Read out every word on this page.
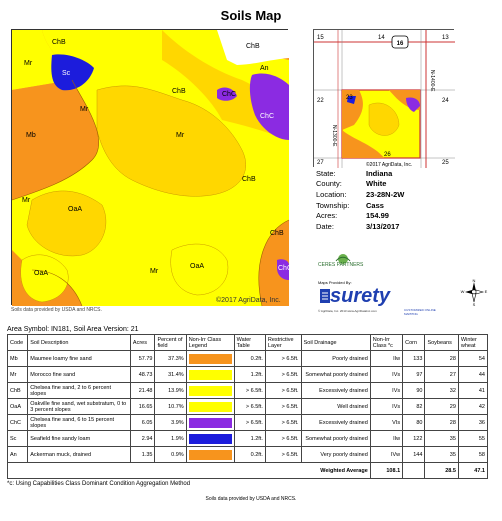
Soils Map
ChB
Mr
Sc
ChB
An
ChC
ChC
Mb
Mr
Mr
ChB
OaA
ChB
OaA	Mr
OaA
Mr
ChB
ChC
©2017 AgriData, Inc.
Soils data provided by USDA and NRCS.
16
15	14	13
22	23	24
27
26
25
N-1400-E
N-1300-E
©2017 AgriData, Inc.
State:	Indiana
County:	White
Location:	23-28N-2W
Township:	Cass
Acres:	154.99
Date:	3/13/2017
CERES PARTNERS
Maps Provided By:
surety
CUSTOMIZED ONLINE MAPPING
© AgriData, Inc. 2013 www.AgriDataInc.com
N
S
E
W
Area Symbol: IN181, Soil Area Version: 21
Code	Soil Description	Acres	Percent of field	Non-Irr Class Legend	Water Table	Restrictive Layer	Soil Drainage	Non-Irr Class *c	Corn	Soybeans	Winter wheat
Mb	Maumee loamy fine sand	57.79	37.3%		0.2ft.	> 6.5ft.	Poorly drained	IIw	133	28	54
Mr	Morocco fine sand	48.73	31.4%		1.2ft.	> 6.5ft.	Somewhat poorly drained	IVs	97	27	44
ChB	Chelsea fine sand, 2 to 6 percent slopes	21.48	13.9%		> 6.5ft.	> 6.5ft.	Excessively drained	IVs	90	32	41
OaA	Oakville fine sand, wet substratum, 0 to 3 percent slopes	16.65	10.7%		> 6.5ft.	> 6.5ft.	Well drained	IVs	82	29	42
ChC	Chelsea fine sand, 6 to 15 percent slopes	6.05	3.9%		> 6.5ft.	> 6.5ft.	Excessively drained	VIs	80	28	36
Sc	Seafield fine sandy loam	2.94	1.9%		1.2ft.	> 6.5ft.	Somewhat poorly drained	IIw	122	35	55
An	Ackerman muck, drained	1.35	0.9%		0.2ft.	> 6.5ft.	Very poorly drained	IVw	144	35	58
Weighted Average								108.1		28.5	47.1
*c: Using Capabilities Class Dominant Condition Aggregation Method
Soils data provided by USDA and NRCS.
